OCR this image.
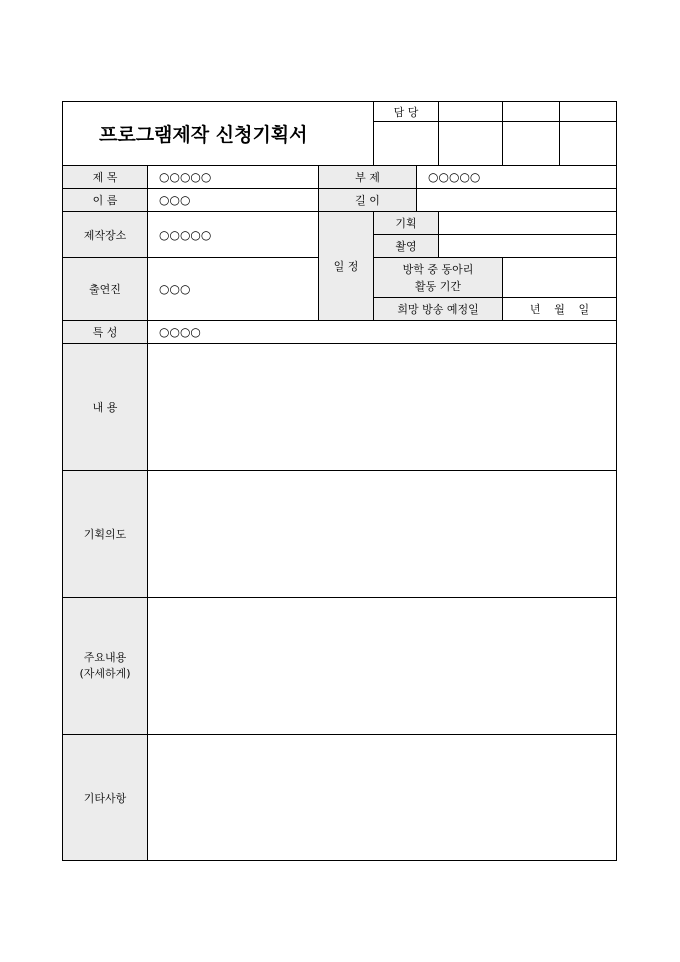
프로그램제작 신청기획서			담 당				

제 목	○○○○○	부 제		○○○○○			
이 름	○○○	길 이					
제작장소	○○○○○	일 정	기획				
			촬영				
출연진	○○○		방학 중 동아리
활동 기간				

			희망 방송 예정일			년 월 일	

특 성	○○○○						
내 용							
기획의도							

주요내용
(자세하게)							

기타사항							
